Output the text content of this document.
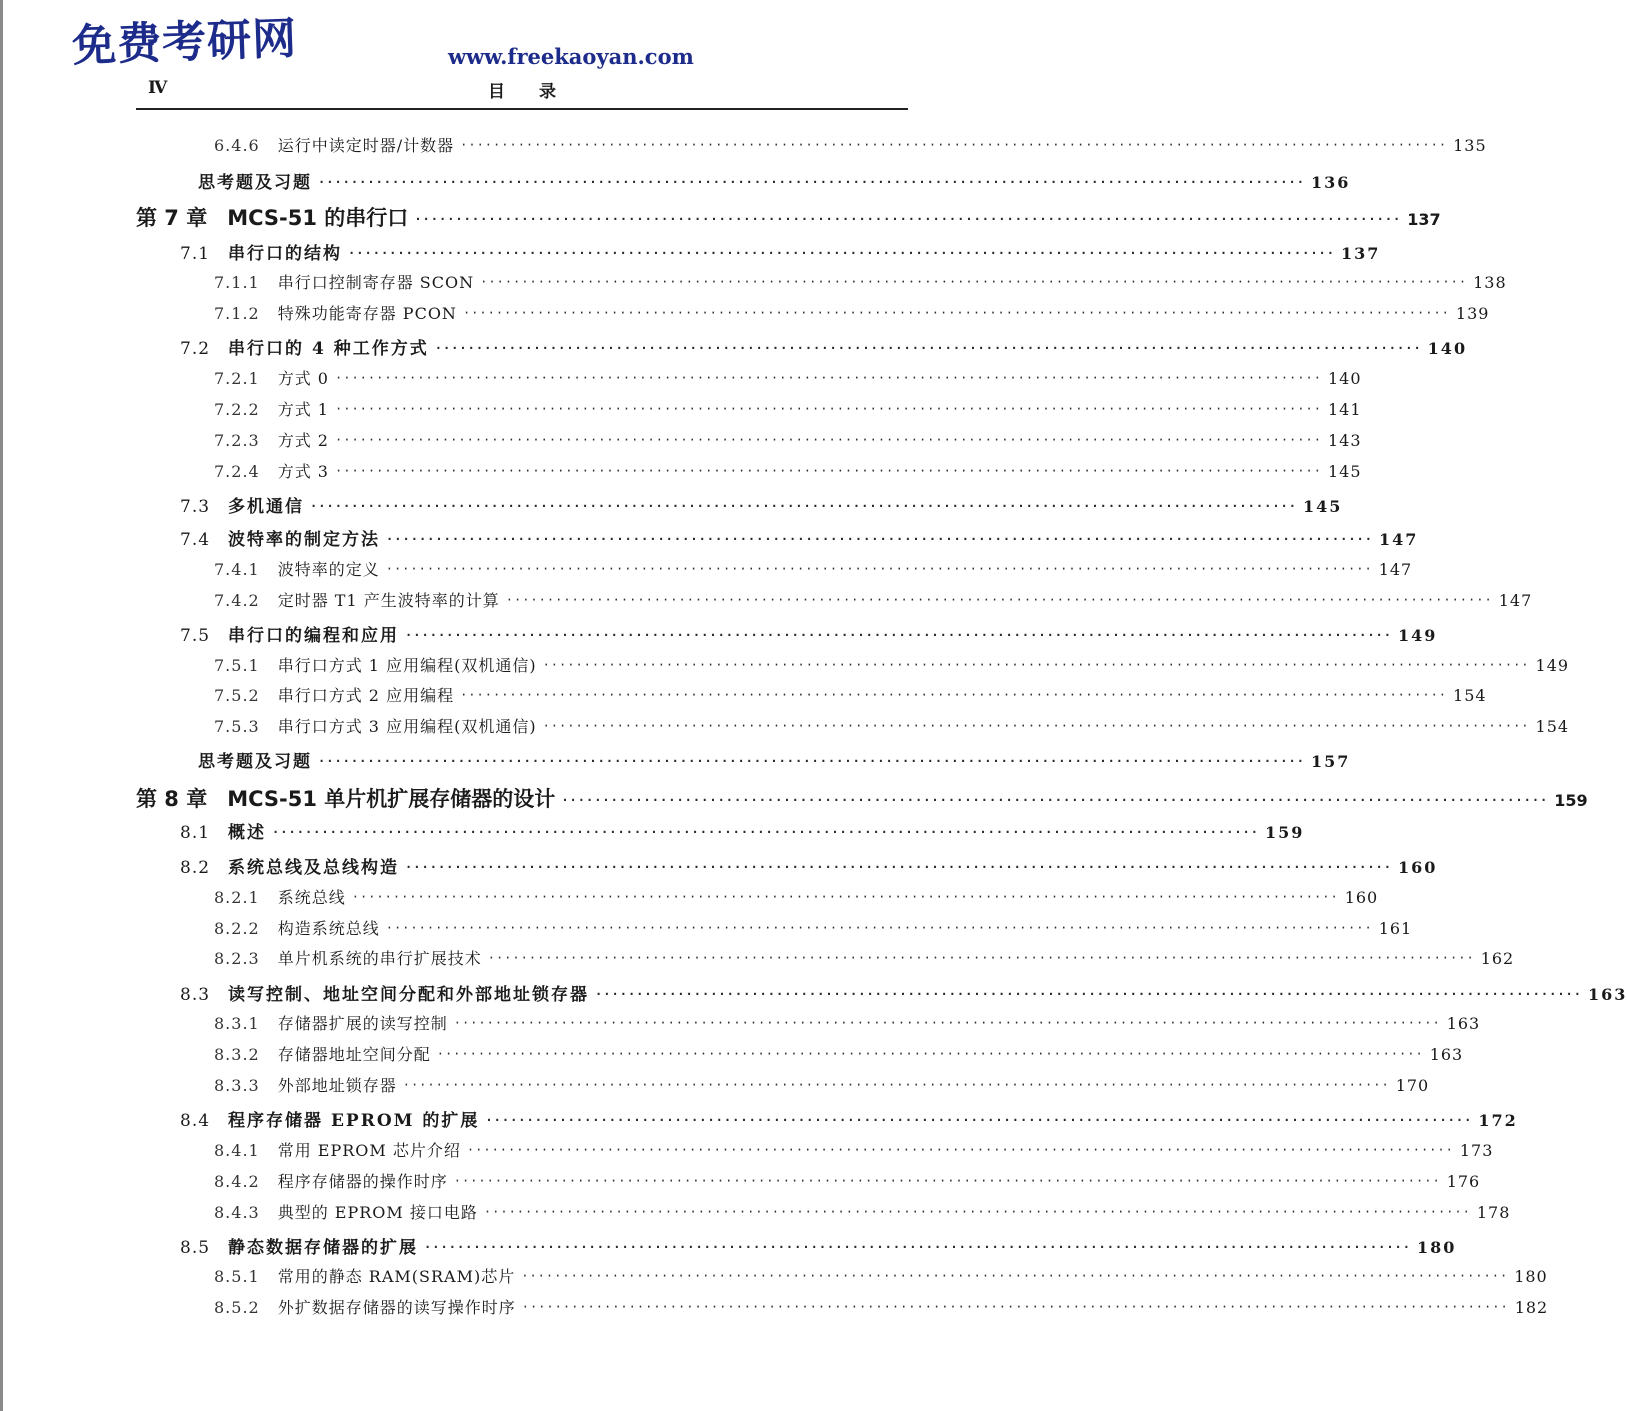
免费考研网	www.freekaoyan.com
Ⅳ	目录
6.4.6 运行中读定时器/计数器 ························································································································ 135
思考题及习题 ························································································································ 136
第 7 章 MCS-51 的串行口 ························································································································ 137
7.1 串行口的结构 ························································································································ 137
7.1.1 串行口控制寄存器 SCON ························································································································ 138
7.1.2 特殊功能寄存器 PCON ························································································································ 139
7.2 串行口的 4 种工作方式 ························································································································ 140
7.2.1 方式 0 ························································································································ 140
7.2.2 方式 1 ························································································································ 141
7.2.3 方式 2 ························································································································ 143
7.2.4 方式 3 ························································································································ 145
7.3 多机通信 ························································································································ 145
7.4 波特率的制定方法 ························································································································ 147
7.4.1 波特率的定义 ························································································································ 147
7.4.2 定时器 T1 产生波特率的计算 ························································································································ 147
7.5 串行口的编程和应用 ························································································································ 149
7.5.1 串行口方式 1 应用编程(双机通信) ························································································································ 149
7.5.2 串行口方式 2 应用编程 ························································································································ 154
7.5.3 串行口方式 3 应用编程(双机通信) ························································································································ 154
思考题及习题 ························································································································ 157
第 8 章 MCS-51 单片机扩展存储器的设计 ························································································································ 159
8.1 概述 ························································································································ 159
8.2 系统总线及总线构造 ························································································································ 160
8.2.1 系统总线 ························································································································ 160
8.2.2 构造系统总线 ························································································································ 161
8.2.3 单片机系统的串行扩展技术 ························································································································ 162
8.3 读写控制、地址空间分配和外部地址锁存器 ························································································································ 163
8.3.1 存储器扩展的读写控制 ························································································································ 163
8.3.2 存储器地址空间分配 ························································································································ 163
8.3.3 外部地址锁存器 ························································································································ 170
8.4 程序存储器 EPROM 的扩展 ························································································································ 172
8.4.1 常用 EPROM 芯片介绍 ························································································································ 173
8.4.2 程序存储器的操作时序 ························································································································ 176
8.4.3 典型的 EPROM 接口电路 ························································································································ 178
8.5 静态数据存储器的扩展 ························································································································ 180
8.5.1 常用的静态 RAM(SRAM)芯片 ························································································································ 180
8.5.2 外扩数据存储器的读写操作时序 ························································································································ 182
